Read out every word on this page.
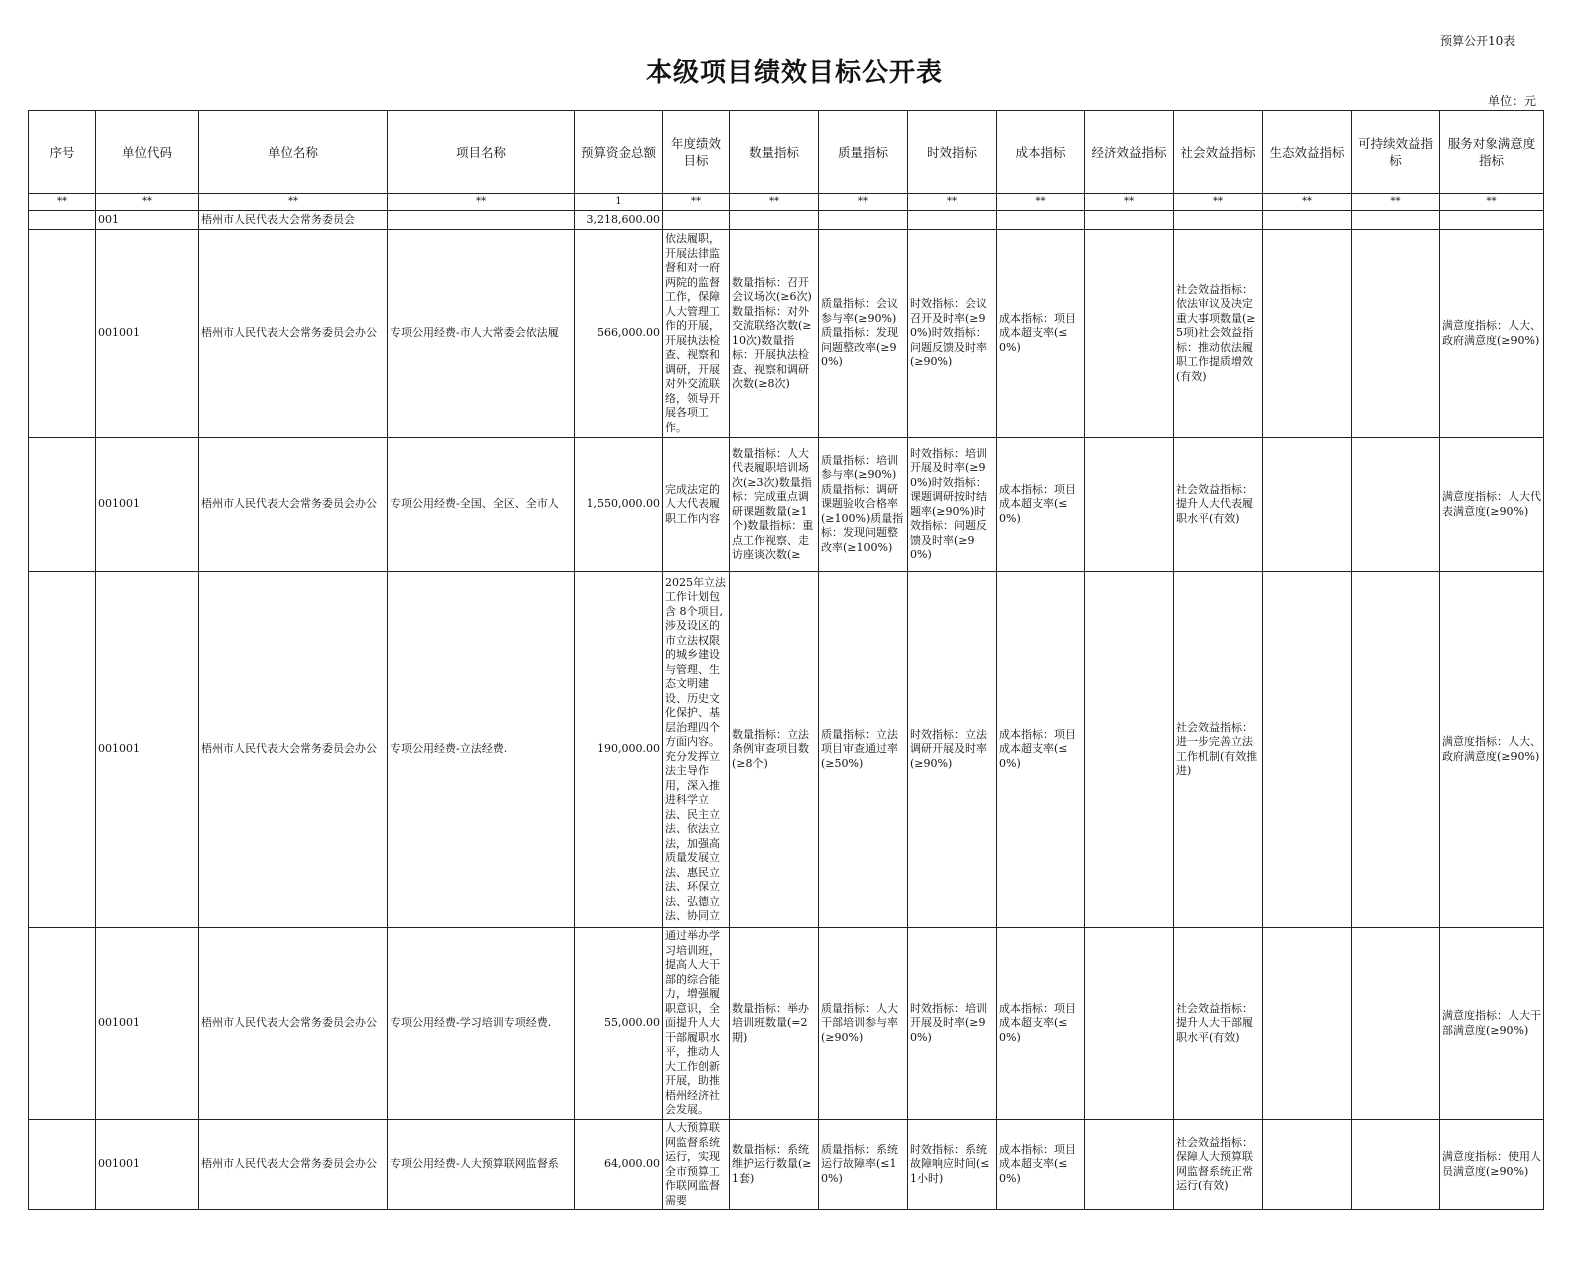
预算公开10表
本级项目绩效目标公开表
单位：元
序号	单位代码	单位名称	项目名称	预算资金总额	年度绩效目标	数量指标	质量指标	时效指标	成本指标	经济效益指标	社会效益指标	生态效益指标	可持续效益指标	服务对象满意度指标
**	**	**	**	1	**	**	**	**	**	**	**	**	**	**
	001	梧州市人民代表大会常务委员会		3,218,600.00										
	001001	梧州市人民代表大会常务委员会办公	专项公用经费-市人大常委会依法履	566,000.00	依法履职，开展法律监督和对一府两院的监督工作，保障人大管理工作的开展，开展执法检查、视察和调研，开展对外交流联络，领导开展各项工作。	数量指标：召开会议场次(≥6次)数量指标：对外交流联络次数(≥10次)数量指标：开展执法检查、视察和调研次数(≥8次)	质量指标：会议参与率(≥90%)质量指标：发现问题整改率(≥90%)	时效指标：会议召开及时率(≥90%)时效指标：问题反馈及时率(≥90%)	成本指标：项目成本超支率(≤0%)		社会效益指标：依法审议及决定重大事项数量(≥5项)社会效益指标：推动依法履职工作提质增效(有效)			满意度指标：人大、政府满意度(≥90%)
	001001	梧州市人民代表大会常务委员会办公	专项公用经费-全国、全区、全市人	1,550,000.00	完成法定的人大代表履职工作内容	数量指标：人大代表履职培训场次(≥3次)数量指标：完成重点调研课题数量(≥1个)数量指标：重点工作视察、走访座谈次数(≥	质量指标：培训参与率(≥90%)质量指标：调研课题验收合格率(≥100%)质量指标：发现问题整改率(≥100%)	时效指标：培训开展及时率(≥90%)时效指标：课题调研按时结题率(≥90%)时效指标：问题反馈及时率(≥90%)	成本指标：项目成本超支率(≤0%)		社会效益指标：提升人大代表履职水平(有效)			满意度指标：人大代表满意度(≥90%)
	001001	梧州市人民代表大会常务委员会办公	专项公用经费-立法经费.	190,000.00	2025年立法工作计划包含 8个项目,涉及设区的市立法权限的城乡建设与管理、生态文明建设、历史文化保护、基层治理四个方面内容。充分发挥立法主导作用，深入推进科学立法、民主立法、依法立法，加强高质量发展立法、惠民立法、环保立法、弘德立法、协同立	数量指标：立法条例审查项目数(≥8个)	质量指标：立法项目审查通过率(≥50%)	时效指标：立法调研开展及时率(≥90%)	成本指标：项目成本超支率(≤0%)		社会效益指标：进一步完善立法工作机制(有效推进)			满意度指标：人大、政府满意度(≥90%)
	001001	梧州市人民代表大会常务委员会办公	专项公用经费-学习培训专项经费.	55,000.00	通过举办学习培训班，提高人大干部的综合能力，增强履职意识，全面提升人大干部履职水平，推动人大工作创新开展，助推梧州经济社会发展。	数量指标：举办培训班数量(=2期)	质量指标：人大干部培训参与率(≥90%)	时效指标：培训开展及时率(≥90%)	成本指标：项目成本超支率(≤0%)		社会效益指标：提升人大干部履职水平(有效)			满意度指标：人大干部满意度(≥90%)
	001001	梧州市人民代表大会常务委员会办公	专项公用经费-人大预算联网监督系	64,000.00	人大预算联网监督系统运行，实现全市预算工作联网监督需要	数量指标：系统维护运行数量(≥1套)	质量指标：系统运行故障率(≤10%)	时效指标：系统故障响应时间(≤1小时)	成本指标：项目成本超支率(≤0%)		社会效益指标：保障人大预算联网监督系统正常运行(有效)			满意度指标：使用人员满意度(≥90%)
